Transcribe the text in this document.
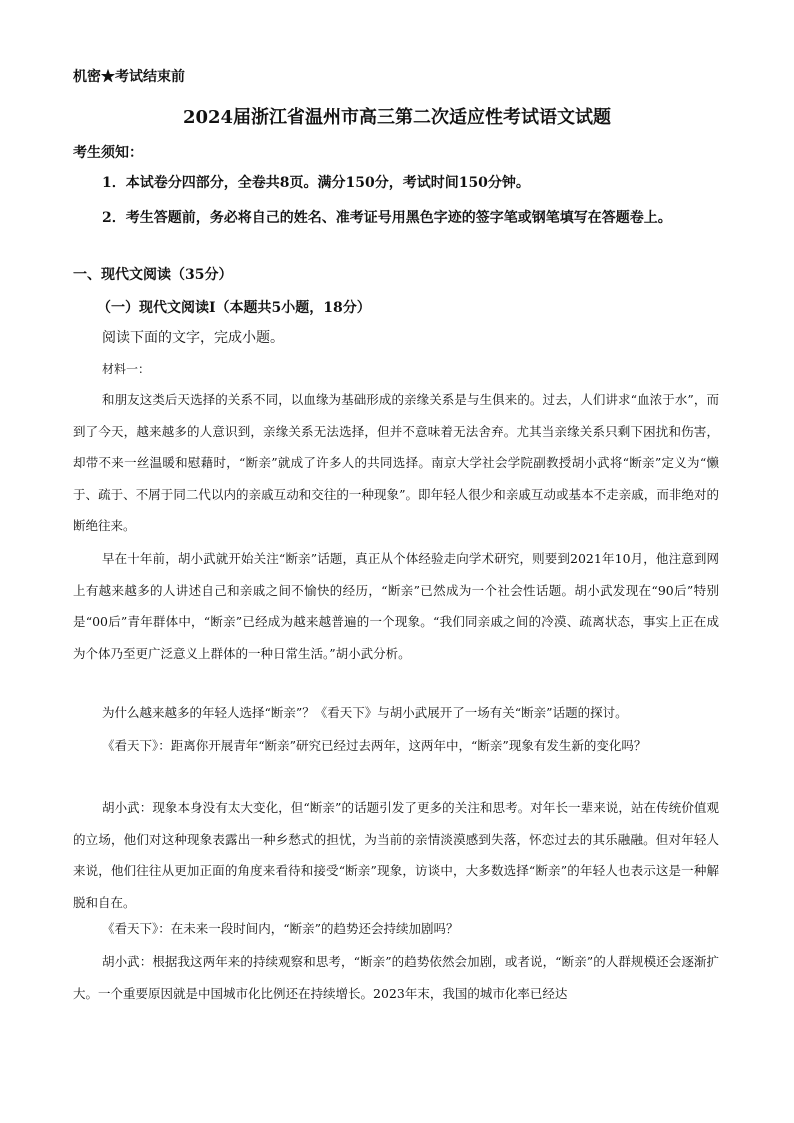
机密★考试结束前
2024届浙江省温州市高三第二次适应性考试语文试题
考生须知：
1．本试卷分四部分，全卷共8页。满分150分，考试时间150分钟。
2．考生答题前，务必将自己的姓名、准考证号用黑色字迹的签字笔或钢笔填写在答题卷上。
一、现代文阅读（35分）
（一）现代文阅读Ⅰ（本题共5小题，18分）
阅读下面的文字，完成小题。
材料一：

和朋友这类后天选择的关系不同，以血缘为基础形成的亲缘关系是与生俱来的。过去，人们讲求“血浓于水”，而到了今天，越来越多的人意识到，亲缘关系无法选择，但并不意味着无法舍弃。尤其当亲缘关系只剩下困扰和伤害，却带不来一丝温暖和慰藉时，“断亲”就成了许多人的共同选择。南京大学社会学院副教授胡小武将“断亲”定义为“懒于、疏于、不屑于同二代以内的亲戚互动和交往的一种现象”。即年轻人很少和亲戚互动或基本不走亲戚，而非绝对的断绝往来。

早在十年前，胡小武就开始关注“断亲”话题，真正从个体经验走向学术研究，则要到2021年10月，他注意到网上有越来越多的人讲述自己和亲戚之间不愉快的经历，“断亲”已然成为一个社会性话题。胡小武发现在“90后”特别是“00后”青年群体中，“断亲”已经成为越来越普遍的一个现象。“我们同亲戚之间的冷漠、疏离状态，事实上正在成为个体乃至更广泛意义上群体的一种日常生活。”胡小武分析。

为什么越来越多的年轻人选择“断亲”？《看天下》与胡小武展开了一场有关“断亲”话题的探讨。

《看天下》：距离你开展青年“断亲”研究已经过去两年，这两年中，“断亲”现象有发生新的变化吗？

胡小武：现象本身没有太大变化，但“断亲”的话题引发了更多的关注和思考。对年长一辈来说，站在传统价值观的立场，他们对这种现象表露出一种乡愁式的担忧，为当前的亲情淡漠感到失落，怀恋过去的其乐融融。但对年轻人来说，他们往往从更加正面的角度来看待和接受“断亲”现象，访谈中，大多数选择“断亲”的年轻人也表示这是一种解脱和自在。

《看天下》：在未来一段时间内，“断亲”的趋势还会持续加剧吗？

胡小武：根据我这两年来的持续观察和思考，“断亲”的趋势依然会加剧，或者说，“断亲”的人群规模还会逐渐扩大。一个重要原因就是中国城市化比例还在持续增长。2023年末，我国的城市化率已经达
